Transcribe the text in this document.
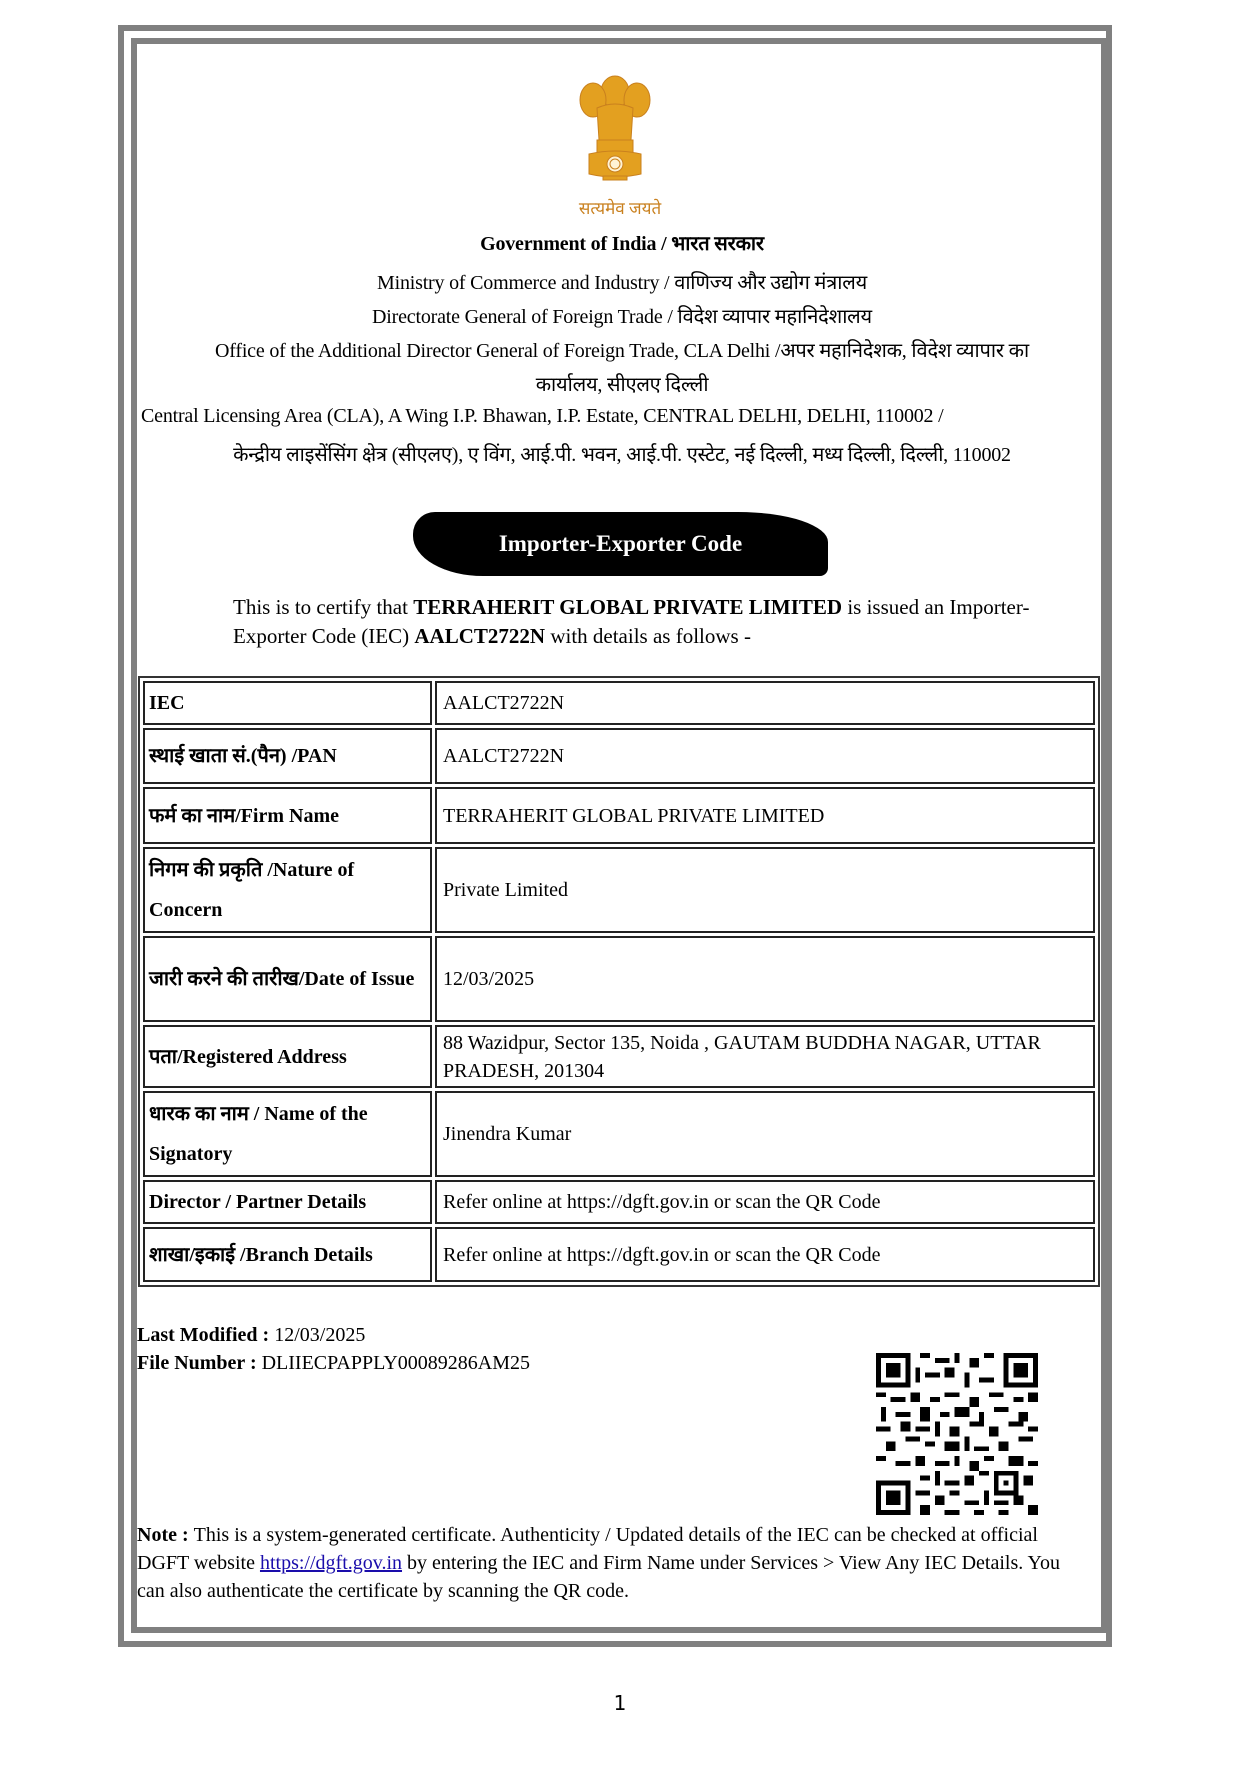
सत्यमेव जयते
Government of India / भारत सरकार
Ministry of Commerce and Industry / वाणिज्य और उद्योग मंत्रालय
Directorate General of Foreign Trade / विदेश व्यापार महानिदेशालय
Office of the Additional Director General of Foreign Trade, CLA Delhi /अपर महानिदेशक, विदेश व्यापार का
कार्यालय, सीएलए दिल्ली
Central Licensing Area (CLA), A Wing I.P. Bhawan, I.P. Estate, CENTRAL DELHI, DELHI, 110002 /
केन्द्रीय लाइसेंसिंग क्षेत्र (सीएलए), ए विंग, आई.पी. भवन, आई.पी. एस्टेट, नई दिल्ली, मध्य दिल्ली, दिल्ली, 110002
Importer-Exporter Code
This is to certify that TERRAHERIT GLOBAL PRIVATE LIMITED is issued an Importer-Exporter Code (IEC) AALCT2722N with details as follows -
IEC	AALCT2722N
स्थाई खाता सं.(पैन) /PAN	AALCT2722N
फर्म का नाम/Firm Name	TERRAHERIT GLOBAL PRIVATE LIMITED
निगम की प्रकृति /Nature of Concern	Private Limited
जारी करने की तारीख/Date of Issue	12/03/2025
पता/Registered Address	88 Wazidpur, Sector 135, Noida , GAUTAM BUDDHA NAGAR, UTTAR PRADESH, 201304
धारक का नाम / Name of the Signatory	Jinendra Kumar
Director / Partner Details	Refer online at https://dgft.gov.in or scan the QR Code
शाखा/इकाई /Branch Details	Refer online at https://dgft.gov.in or scan the QR Code
Last Modified : 12/03/2025
File Number : DLIIECPAPPLY00089286AM25
Note : This is a system-generated certificate. Authenticity / Updated details of the IEC can be checked at official DGFT website https://dgft.gov.in by entering the IEC and Firm Name under Services > View Any IEC Details. You can also authenticate the certificate by scanning the QR code.
1
